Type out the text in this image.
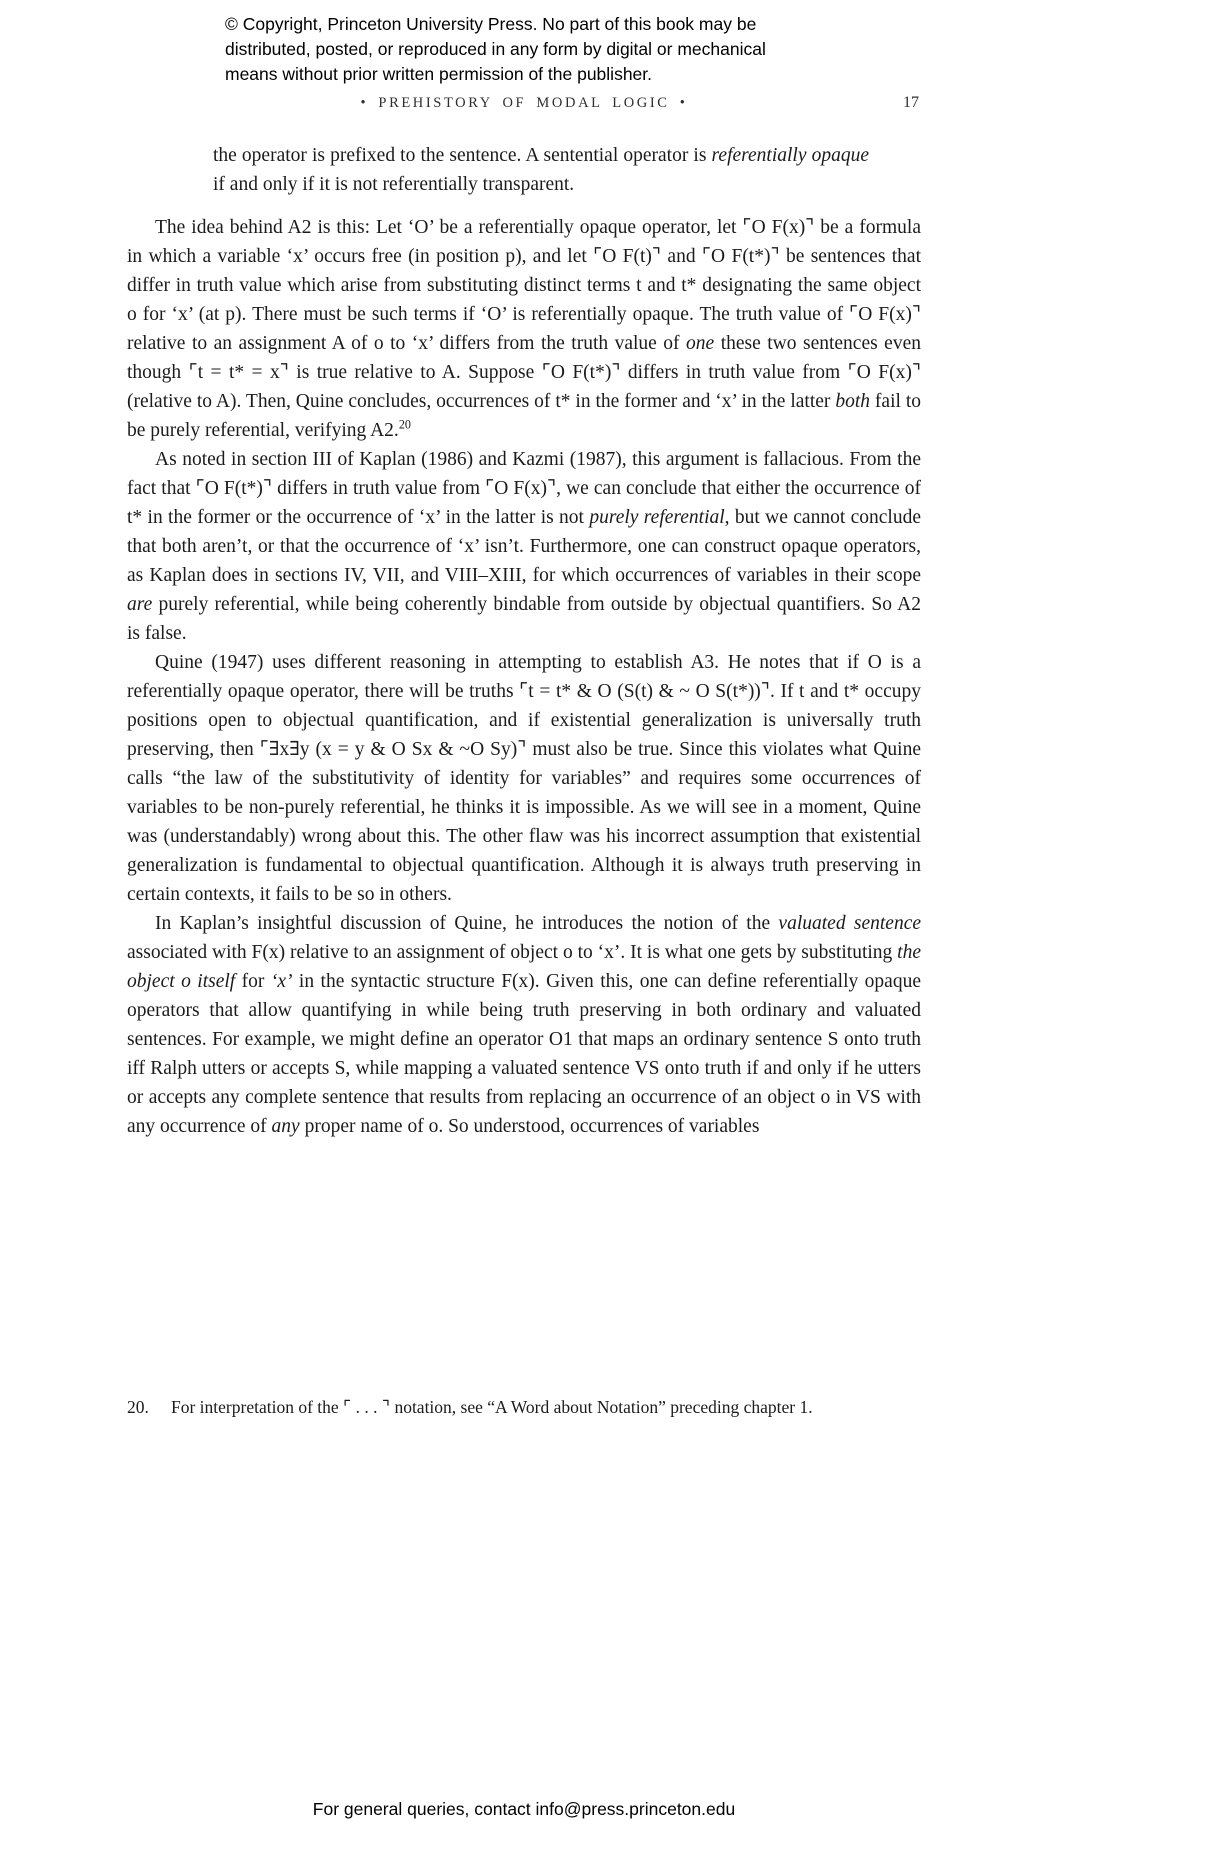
© Copyright, Princeton University Press. No part of this book may be
distributed, posted, or reproduced in any form by digital or mechanical
means without prior written permission of the publisher.
• PREHISTORY OF MODAL LOGIC •	17
the operator is prefixed to the sentence. A sentential operator is referentially opaque if and only if it is not referentially transparent.

The idea behind A2 is this: Let ‘O’ be a referentially opaque operator, let ⌜O F(x)⌝ be a formula in which a variable ‘x’ occurs free (in position p), and let ⌜O F(t)⌝ and ⌜O F(t*)⌝ be sentences that differ in truth value which arise from substituting distinct terms t and t* designating the same object o for ‘x’ (at p). There must be such terms if ‘O’ is referentially opaque. The truth value of ⌜O F(x)⌝ relative to an assignment A of o to ‘x’ differs from the truth value of one these two sentences even though ⌜t = t* = x⌝ is true relative to A. Suppose ⌜O F(t*)⌝ differs in truth value from ⌜O F(x)⌝ (relative to A). Then, Quine concludes, occurrences of t* in the former and ‘x’ in the latter both fail to be purely referential, verifying A2.20

As noted in section III of Kaplan (1986) and Kazmi (1987), this argument is fallacious. From the fact that ⌜O F(t*)⌝ differs in truth value from ⌜O F(x)⌝, we can conclude that either the occurrence of t* in the former or the occurrence of ‘x’ in the latter is not purely referential, but we cannot conclude that both aren’t, or that the occurrence of ‘x’ isn’t. Furthermore, one can construct opaque operators, as Kaplan does in sections IV, VII, and VIII–XIII, for which occurrences of variables in their scope are purely referential, while being coherently bindable from outside by objectual quantifiers. So A2 is false.

Quine (1947) uses different reasoning in attempting to establish A3. He notes that if O is a referentially opaque operator, there will be truths ⌜t = t* & O (S(t) & ~ O S(t*))⌝. If t and t* occupy positions open to objectual quantification, and if existential generalization is universally truth preserving, then ⌜∃x∃y (x = y & O Sx & ~O Sy)⌝ must also be true. Since this violates what Quine calls “the law of the substitutivity of identity for variables” and requires some occurrences of variables to be non-purely referential, he thinks it is impossible. As we will see in a moment, Quine was (understandably) wrong about this. The other flaw was his incorrect assumption that existential generalization is fundamental to objectual quantification. Although it is always truth preserving in certain contexts, it fails to be so in others.

In Kaplan’s insightful discussion of Quine, he introduces the notion of the valuated sentence associated with F(x) relative to an assignment of object o to ‘x’. It is what one gets by substituting the object o itself for ‘x’ in the syntactic structure F(x). Given this, one can define referentially opaque operators that allow quantifying in while being truth preserving in both ordinary and valuated sentences. For example, we might define an operator O1 that maps an ordinary sentence S onto truth iff Ralph utters or accepts S, while mapping a valuated sentence VS onto truth if and only if he utters or accepts any complete sentence that results from replacing an occurrence of an object o in VS with any occurrence of any proper name of o. So understood, occurrences of variables

20. For interpretation of the ⌜ . . . ⌝ notation, see “A Word about Notation” preceding chapter 1.
For general queries, contact info@press.princeton.edu
